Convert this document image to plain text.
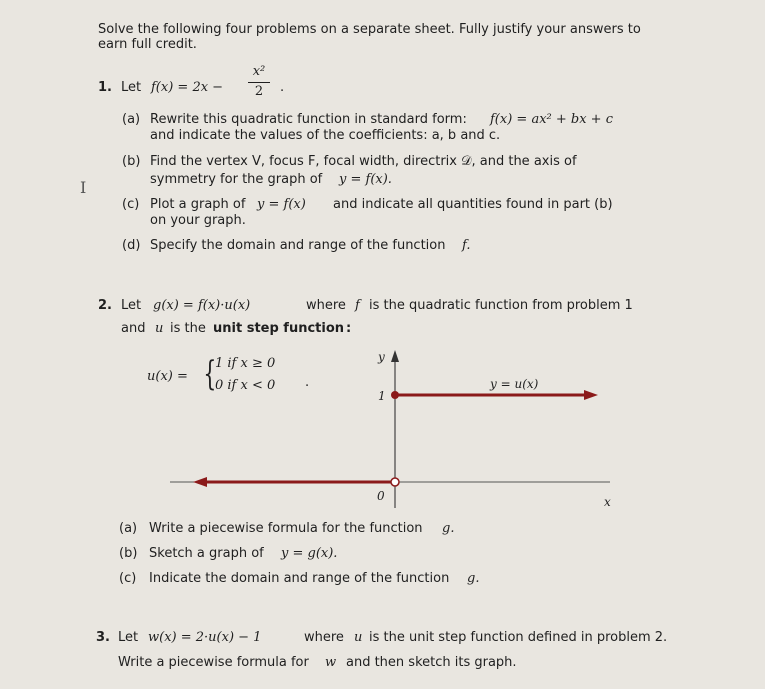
Solve the following four problems on a separate sheet. Fully justify your answers to
earn full credit.
1. Let f(x) = 2x −
x²
2	.
(a) Rewrite this quadratic function in standard form: f(x) = ax² + bx + c
and indicate the values of the coefficients: a, b and c.
(b) Find the vertex V, focus F, focal width, directrix 𝒟, and the axis of
symmetry for the graph of y = f(x).
I
(c) Plot a graph of y = f(x) and indicate all quantities found in part (b)
on your graph.
(d) Specify the domain and range of the function f.
2. Let g(x) = f(x)·u(x)	where f is the quadratic function from problem 1
and u is the unit step function :
u(x) = {
1 if x ≥ 0
0 if x < 0 .
y
1
0	x
y = u(x)
(a) Write a piecewise formula for the function g.
(b) Sketch a graph of y = g(x).
(c) Indicate the domain and range of the function g.
3. Let w(x) = 2·u(x) − 1	where u is the unit step function defined in problem 2.
Write a piecewise formula for w and then sketch its graph.
